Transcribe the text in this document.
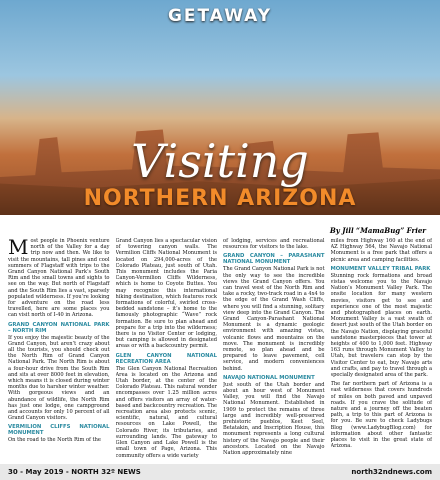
GETAWAY
Visiting
NORTHERN ARIZONA
By Jill “MamaBug” Frier

Most people in Phoenix venture north of the Valley for a day trip now and then. We like to visit the mountains, tall pines and cool summers of Flagstaff with trips to the Grand Canyon National Park’s South Rim and the small towns and sights to see on the way. But north of Flagstaff and the South Rim lies a vast, sparsely populated wilderness. If you’re looking for adventure on the road less travelled, here are some places you can visit north of I-40 in Arizona.

GRAND CANYON NATIONAL PARK – NORTH RIM

If you enjoy the majestic beauty of the Grand Canyon, but aren’t crazy about all the tourists, you should check out the North Rim of Grand Canyon National Park. The North Rim is about a four-hour drive from the South Rim and sits at over 8000 feet in elevation, which means it is closed during winter months due to harsher winter weather. With gorgeous views and an abundance of wildlife, the North Rim has just one lodge, one campground and accounts for only 10 percent of all Grand Canyon visitors.

VERMILION CLIFFS NATIONAL MONUMENT

On the road to the North Rim of the

Grand Canyon lies a spectacular vision of towering canyon walls. The Vermilion Cliffs National Monument is located on 294,000-acres of the Colorado Plateau, just south of Utah. This monument includes the Paria Canyon-Vermilion Cliffs Wilderness, which is home to Coyote Buttes. You may recognize this international hiking destination, which features rock formations of colorful, swirled cross-bedded sandstone – it’s home to the famously photographic “Wave” rock formation. Be sure to plan ahead and prepare for a trip into the wilderness; there is no Visitor Center or lodging, but camping is allowed in designated areas or with a backcountry permit.

GLEN CANYON NATIONAL RECREATION AREA

The Glen Canyon National Recreation Area is located on the Arizona and Utah border, at the center of the Colorado Plateau. This natural wonder encompasses over 1.25 million acres and offers visitors an array of water-based and backcountry recreation. The recreation area also protects scenic, scientific, natural, and cultural resources on Lake Powell, the Colorado River, its tributaries, and surrounding lands. The gateway to Glen Canyon and Lake Powell is the small town of Page, Arizona. This community offers a wide variety

of lodging, services and recreational resources for visitors to the lake.

GRAND CANYON – PARASHANT NATIONAL MONUMENT

The Grand Canyon National Park is not the only way to see the incredible views the Grand Canyon offers. You can travel west of the North Rim and take a rocky, two-track road in a 4x4 to the edge of the Grand Wash Cliffs, where you will find a stunning, solitary view deep into the Grand Canyon. The Grand Canyon-Parashant National Monument is a dynamic geologic environment with amazing vistas, volcanic flows and mountains on the move. The monument is incredibly remote, so plan ahead and be prepared to leave pavement, cell service, and modern conveniences behind.

NAVAJO NATIONAL MONUMENT

Just south of the Utah border and about an hour west of Monument Valley, you will find the Navajo National Monument. Established in 1909 to protect the remains of three large and incredibly well-preserved prehistoric pueblos, Keet Seel, Betatakin, and Inscription House, this monument represents a long cultural history of the Navajo people and their ancestors. Located on the Navajo Nation approximately nine

miles from Highway 160 at the end of AZ Highway 564, the Navajo National Monument is a free park that offers a picnic area and camping facilities.

MONUMENT VALLEY TRIBAL PARK

Stunning rock formations and broad vistas welcome you to the Navajo Nation’s Monument Valley Park. The onsite location for many western movies, visitors get to see and experience one of the most majestic and photographed places on earth. Monument Valley is a vast swath of desert just south of the Utah border on the Navajo Nation, displaying graceful sandstone masterpieces that tower at heights of 400 to 1,000 feet. Highway 163 runs through Monument Valley to Utah, but travelers can stop by the Visitor Center to eat, buy Navajo arts and crafts, and pay to travel through a specially designated area of the park.

The far northern part of Arizona is a vast wilderness that covers hundreds of miles on both paved and unpaved roads. If you crave the solitude of nature and a journey off the beaten path, a trip to this part of Arizona is for you. Be sure to check Ladybugs Blog (www.LadybugBlog.com) for information about other fantastic places to visit in the great state of Arizona.

30 - May 2019 - NORTH 32º NEWS	north32ndnews.com
